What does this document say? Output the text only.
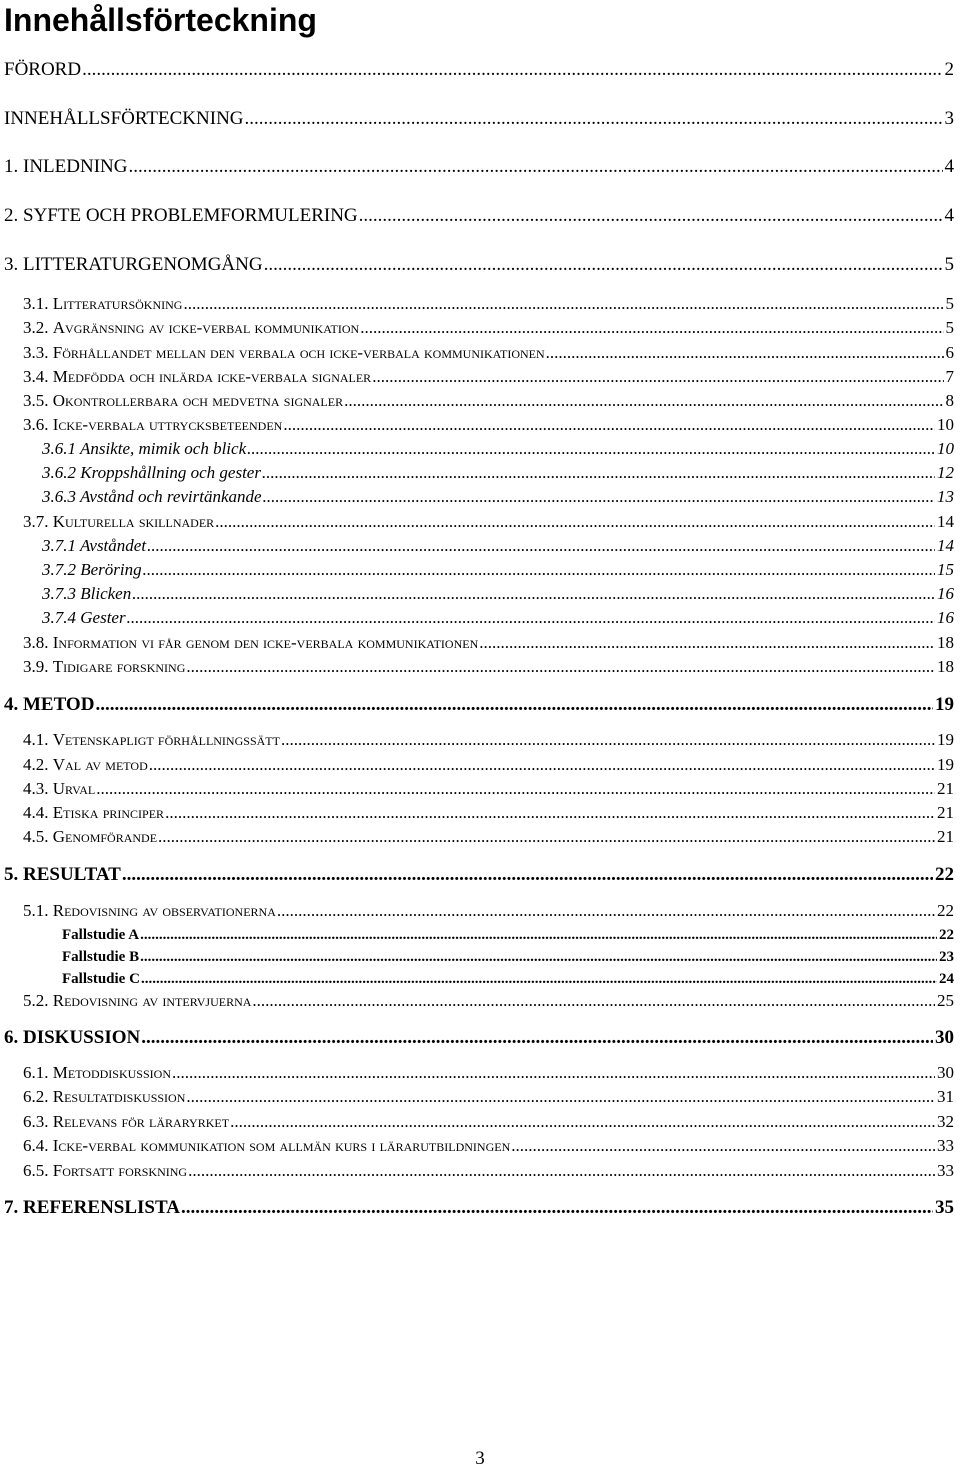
Innehållsförteckning
FÖRORD .....	2
INNEHÅLLSFÖRTECKNING .....	3
1. INLEDNING .....	4
2. SYFTE OCH PROBLEMFORMULERING .....	4
3. LITTERATURGENOMGÅNG .....	5
3.1. Litteratursökning .....	5
3.2. Avgränsning av icke-verbal kommunikation .....	5
3.3. Förhållandet mellan den verbala och icke-verbala kommunikationen .....	6
3.4. Medfödda och inlärda icke-verbala signaler .....	7
3.5. Okontrollerbara och medvetna signaler .....	8
3.6. Icke-verbala uttrycksbeteenden .....	10
3.6.1 Ansikte, mimik och blick .....	10
3.6.2 Kroppshållning och gester .....	12
3.6.3 Avstånd och revirtänkande .....	13
3.7. Kulturella skillnader .....	14
3.7.1 Avståndet .....	14
3.7.2 Beröring .....	15
3.7.3 Blicken .....	16
3.7.4 Gester .....	16
3.8. Information vi får genom den icke-verbala kommunikationen .....	18
3.9. Tidigare forskning .....	18
4. METOD .....	19
4.1. Vetenskapligt förhållningssätt .....	19
4.2. Val av metod .....	19
4.3. Urval .....	21
4.4. Etiska principer .....	21
4.5. Genomförande .....	21
5. RESULTAT .....	22
5.1. Redovisning av observationerna .....	22
Fallstudie A .....	22
Fallstudie B .....	23
Fallstudie C .....	24
5.2. Redovisning av intervjuerna .....	25
6. DISKUSSION .....	30
6.1. Metoddiskussion .....	30
6.2. Resultatdiskussion .....	31
6.3. Relevans för läraryrket .....	32
6.4. Icke-verbal kommunikation som allmän kurs i lärarutbildningen .....	33
6.5. Fortsatt forskning .....	33
7. REFERENSLISTA .....	35
3
